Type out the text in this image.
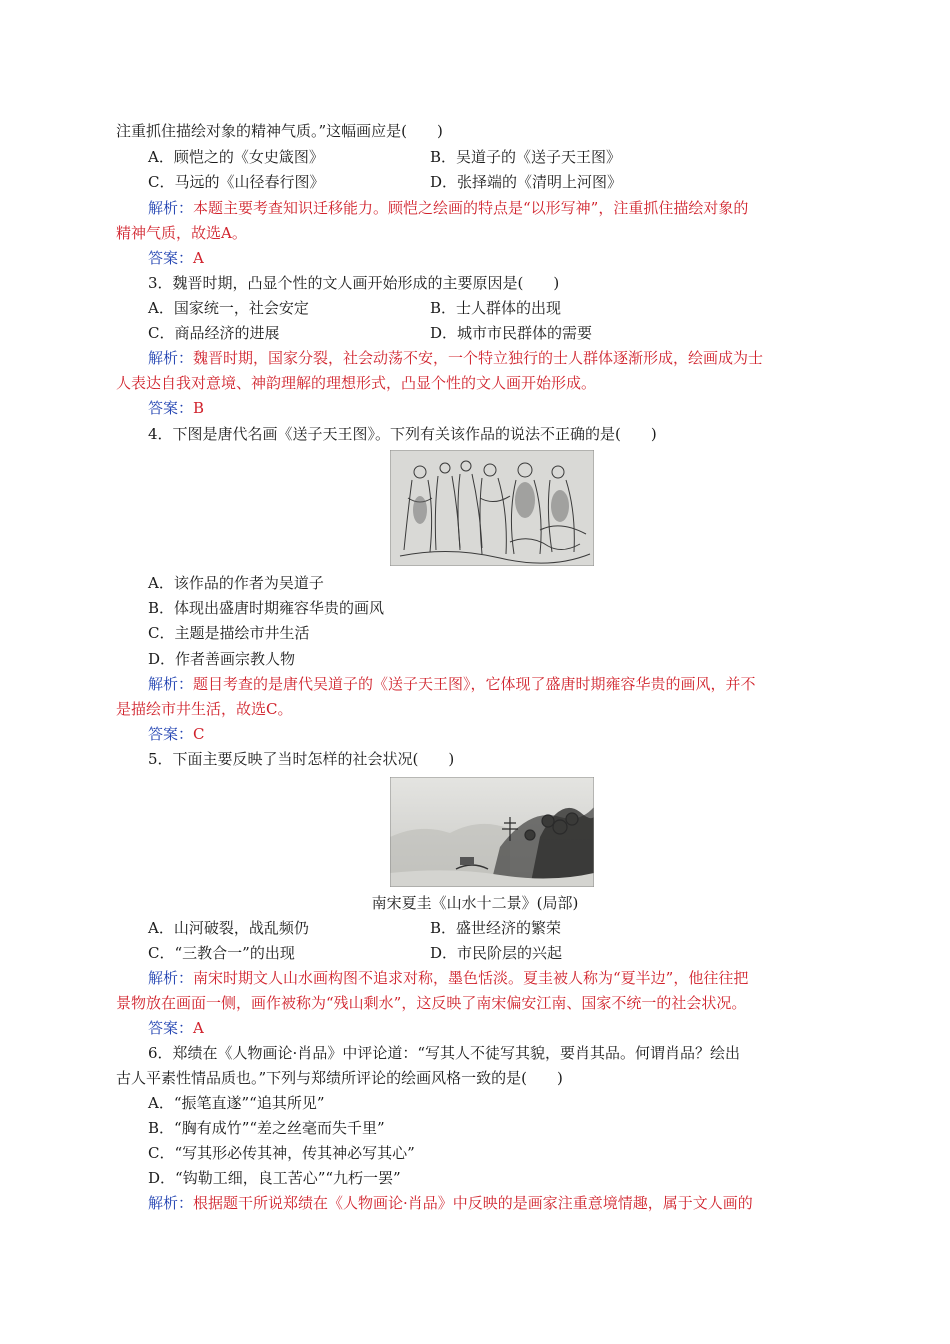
注重抓住描绘对象的精神气质。”这幅画应是(　　)
A．顾恺之的《女史箴图》	B．吴道子的《送子天王图》
C．马远的《山径春行图》	D．张择端的《清明上河图》
解析：本题主要考查知识迁移能力。顾恺之绘画的特点是“以形写神”，注重抓住描绘对象的
精神气质，故选A。
答案：A
3．魏晋时期，凸显个性的文人画开始形成的主要原因是(　　)
A．国家统一，社会安定	B．士人群体的出现
C．商品经济的进展	D．城市市民群体的需要
解析：魏晋时期，国家分裂，社会动荡不安，一个特立独行的士人群体逐渐形成，绘画成为士
人表达自我对意境、神韵理解的理想形式，凸显个性的文人画开始形成。
答案：B
4．下图是唐代名画《送子天王图》。下列有关该作品的说法不正确的是(　　)
A．该作品的作者为吴道子
B．体现出盛唐时期雍容华贵的画风
C．主题是描绘市井生活
D．作者善画宗教人物
解析：题目考查的是唐代吴道子的《送子天王图》，它体现了盛唐时期雍容华贵的画风，并不
是描绘市井生活，故选C。
答案：C
5．下面主要反映了当时怎样的社会状况(　　)
南宋夏圭《山水十二景》(局部)
A．山河破裂，战乱频仍	B．盛世经济的繁荣
C．“三教合一”的出现	D．市民阶层的兴起
解析：南宋时期文人山水画构图不追求对称，墨色恬淡。夏圭被人称为“夏半边”，他往往把
景物放在画面一侧，画作被称为“残山剩水”，这反映了南宋偏安江南、国家不统一的社会状况。
答案：A
6．郑绩在《人物画论·肖品》中评论道：“写其人不徒写其貌，要肖其品。何谓肖品？绘出
古人平素性情品质也。”下列与郑绩所评论的绘画风格一致的是(　　)
A．“振笔直遂”“追其所见”
B．“胸有成竹”“差之丝毫而失千里”
C．“写其形必传其神，传其神必写其心”
D．“钩勒工细，良工苦心”“九朽一罢”
解析：根据题干所说郑绩在《人物画论·肖品》中反映的是画家注重意境情趣，属于文人画的
